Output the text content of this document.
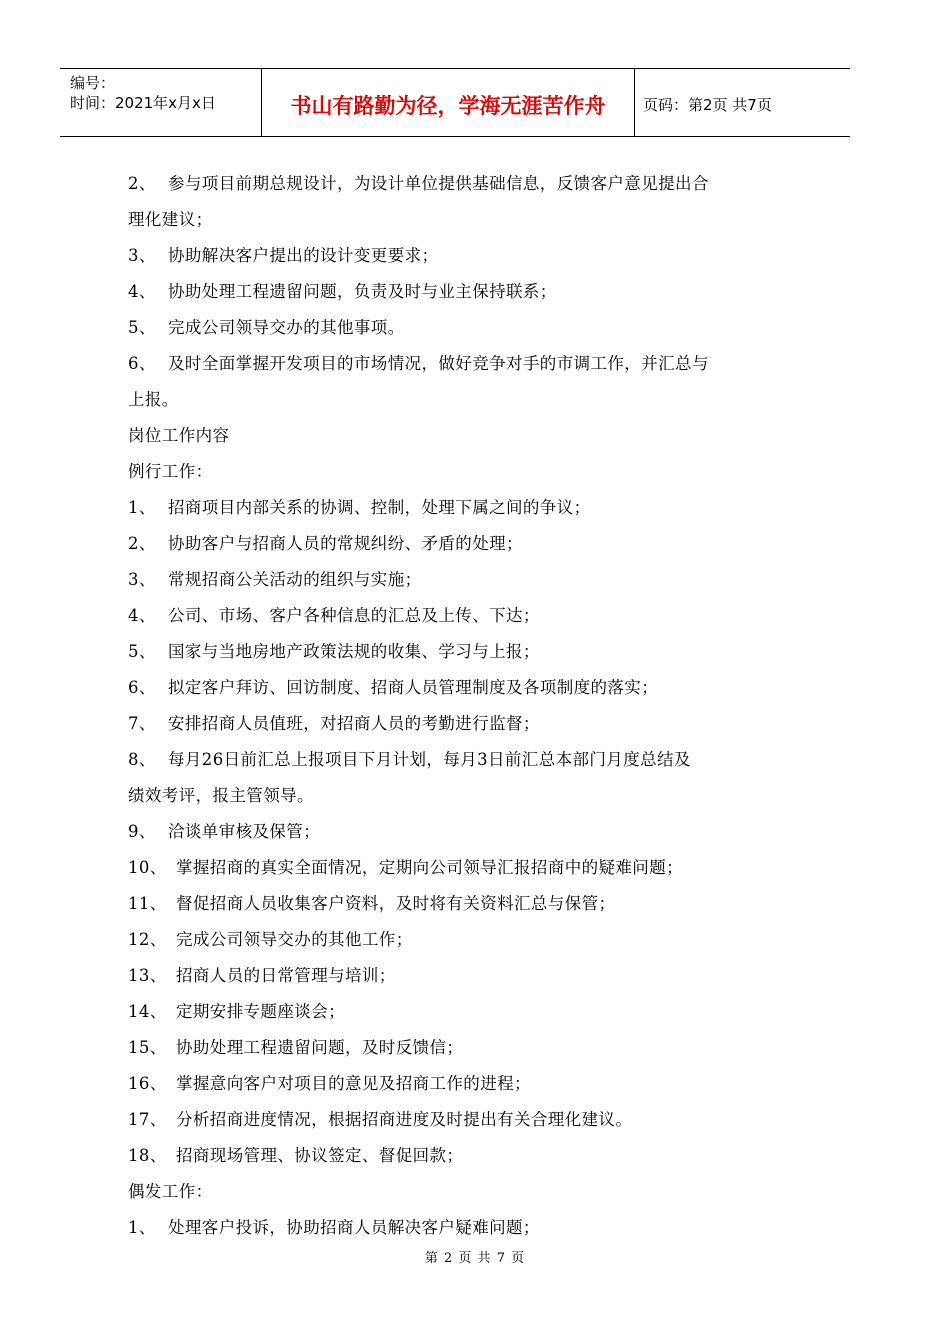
编号：
时间：2021年x月x日	书山有路勤为径，学海无涯苦作舟	页码：第2页 共7页
2、 参与项目前期总规设计，为设计单位提供基础信息，反馈客户意见提出合
理化建议；
3、 协助解决客户提出的设计变更要求；
4、 协助处理工程遗留问题，负责及时与业主保持联系；
5、 完成公司领导交办的其他事项。
6、 及时全面掌握开发项目的市场情况，做好竞争对手的市调工作，并汇总与
上报。
岗位工作内容
例行工作：
1、 招商项目内部关系的协调、控制，处理下属之间的争议；
2、 协助客户与招商人员的常规纠纷、矛盾的处理；
3、 常规招商公关活动的组织与实施；
4、 公司、市场、客户各种信息的汇总及上传、下达；
5、 国家与当地房地产政策法规的收集、学习与上报；
6、 拟定客户拜访、回访制度、招商人员管理制度及各项制度的落实；
7、 安排招商人员值班，对招商人员的考勤进行监督；
8、 每月26日前汇总上报项目下月计划，每月3日前汇总本部门月度总结及
绩效考评，报主管领导。
9、 洽谈单审核及保管；
10、 掌握招商的真实全面情况，定期向公司领导汇报招商中的疑难问题；
11、 督促招商人员收集客户资料，及时将有关资料汇总与保管；
12、 完成公司领导交办的其他工作；
13、 招商人员的日常管理与培训；
14、 定期安排专题座谈会；
15、 协助处理工程遗留问题，及时反馈信；
16、 掌握意向客户对项目的意见及招商工作的进程；
17、 分析招商进度情况，根据招商进度及时提出有关合理化建议。
18、 招商现场管理、协议签定、督促回款；
偶发工作：
1、 处理客户投诉，协助招商人员解决客户疑难问题；
第 2 页 共 7 页
